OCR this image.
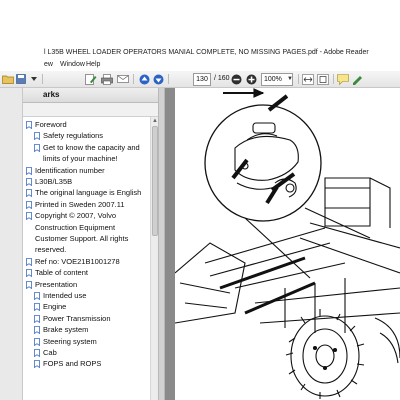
l L35B WHEEL LOADER OPERATORS MANIAL COMPLETE, NO MISSING PAGES.pdf - Adobe Reader
ew Window Help
130 / 160	100% ▼
arks
Foreword
Safety regulations
Get to know the capacity and
limits of your machine!
Identification number
L30B/L35B
The original language is English
Printed in Sweden 2007.11
Copyright © 2007, Volvo
Construction Equipment
Customer Support. All rights
reserved.
Ref no: VOE21B1001278
Table of content
Presentation
Intended use
Engine
Power Transmission
Brake system
Steering system
Cab
FOPS and ROPS
▲
